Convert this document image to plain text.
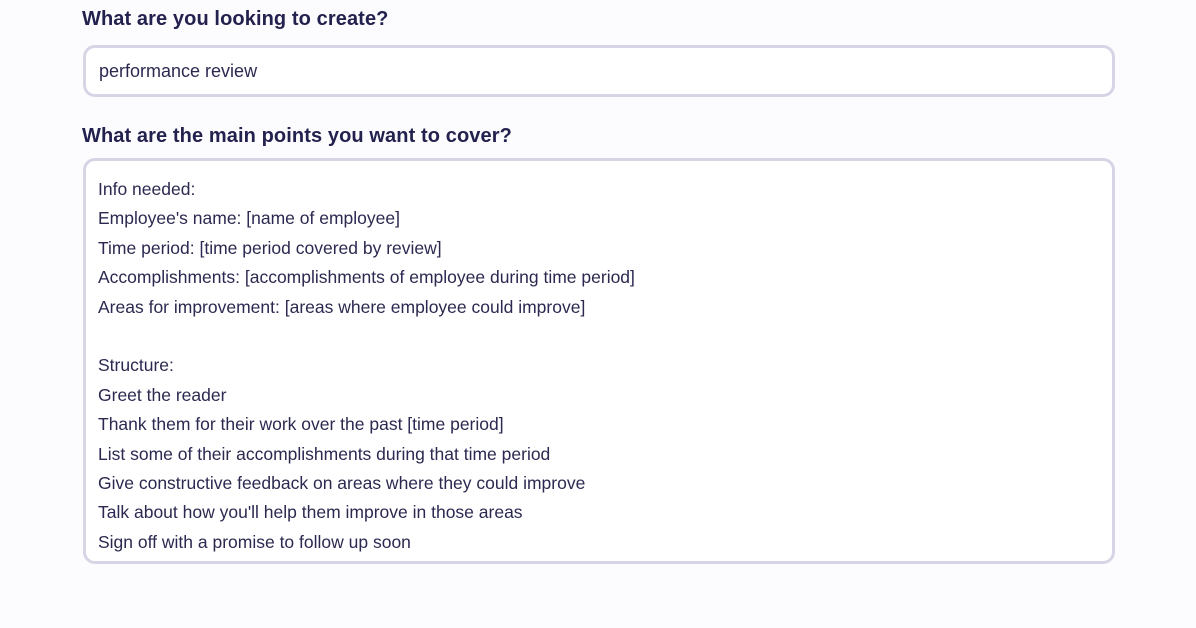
What are you looking to create?
performance review
What are the main points you want to cover?
Info needed:
Employee's name: [name of employee]
Time period: [time period covered by review]
Accomplishments: [accomplishments of employee during time period]
Areas for improvement: [areas where employee could improve]
Structure:
Greet the reader
Thank them for their work over the past [time period]
List some of their accomplishments during that time period
Give constructive feedback on areas where they could improve
Talk about how you'll help them improve in those areas
Sign off with a promise to follow up soon
